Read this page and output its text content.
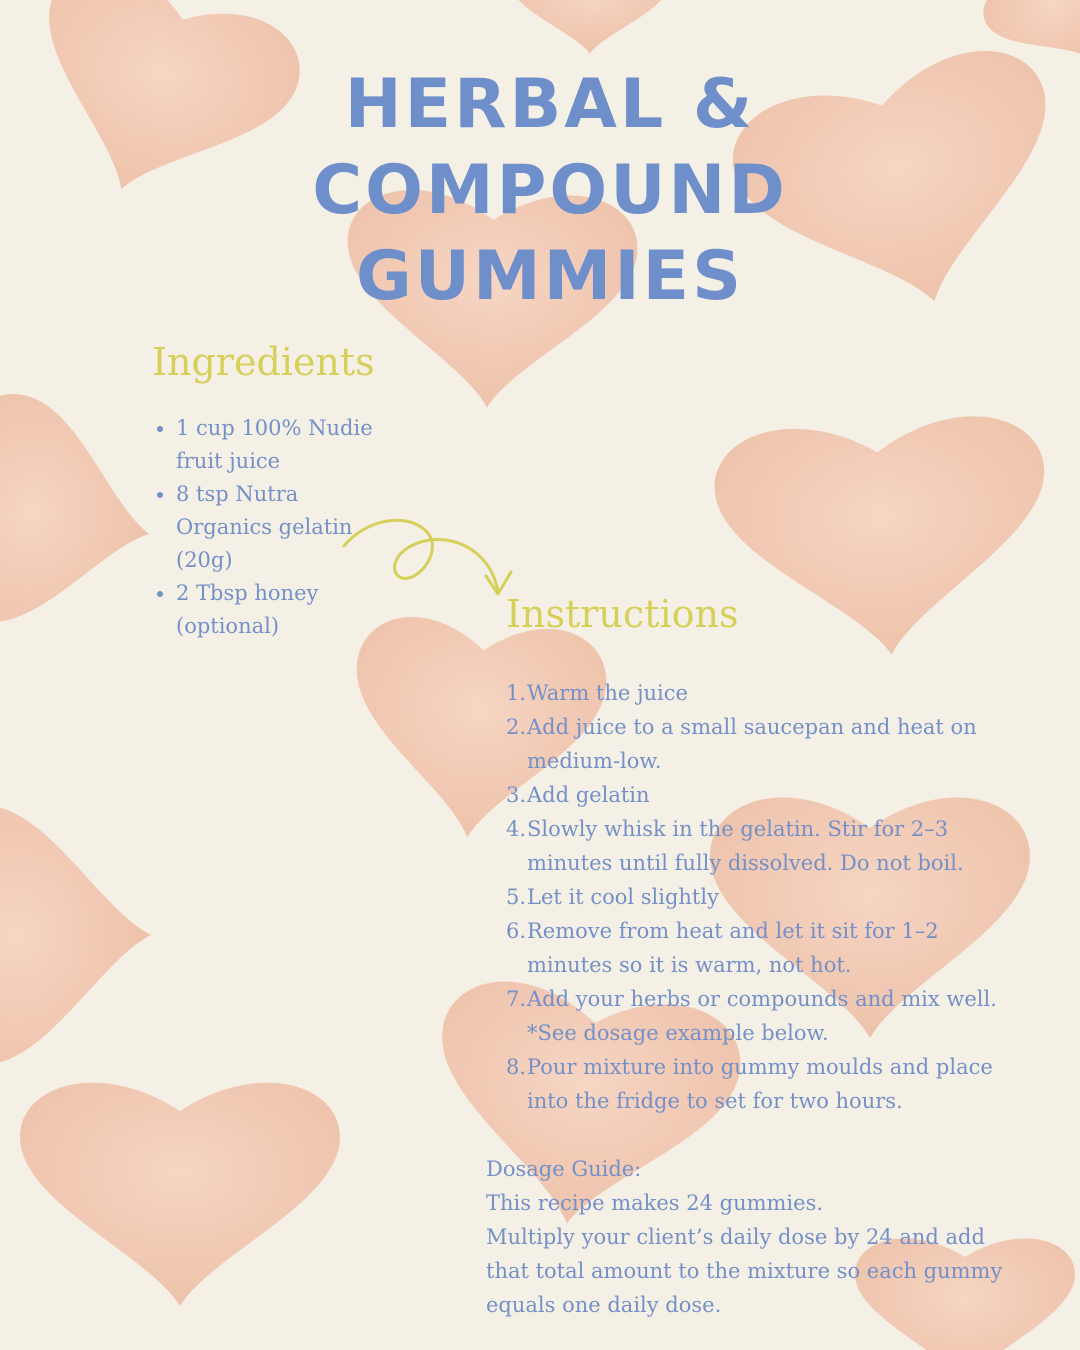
HERBAL & COMPOUND
GUMMIES
Ingredients
• 1 cup 100% Nudie fruit juice
• 8 tsp Nutra Organics gelatin (20g)
• 2 Tbsp honey (optional)	Instructions
1. Warm the juice
2. Add juice to a small saucepan and heat on medium-low.
3. Add gelatin
4. Slowly whisk in the gelatin. Stir for 2–3 minutes until fully dissolved. Do not boil.
5. Let it cool slightly
6. Remove from heat and let it sit for 1–2 minutes so it is warm, not hot.
7. Add your herbs or compounds and mix well. *See dosage example below.
8. Pour mixture into gummy moulds and place into the fridge to set for two hours.

Dosage Guide:

This recipe makes 24 gummies.

Multiply your client’s daily dose by 24 and add that total amount to the mixture so each gummy equals one daily dose.
